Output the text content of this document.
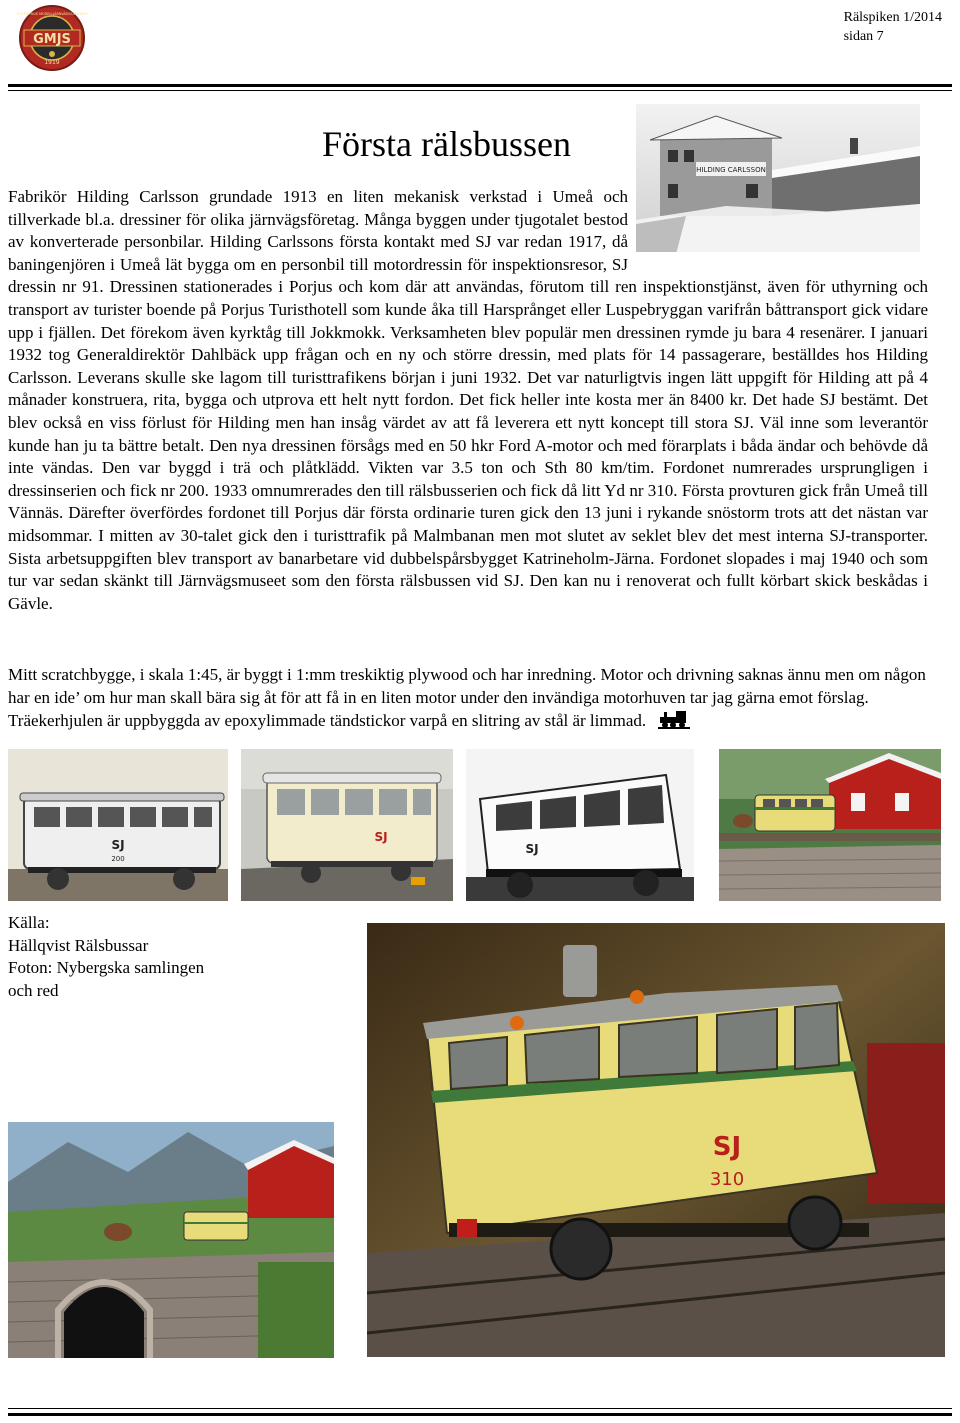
GMJS
1919
GÖTEBORGS MODELLJÄRNVÄGSSÄLLSKAP	Rälspiken 1/2014
sidan 7
Första rälsbussen
HILDING CARLSSON

Fabrikör Hilding Carlsson grundade 1913 en liten mekanisk verkstad i Umeå och tillverkade bl.a. dressiner för olika järnvägsföretag. Många byggen under tjugotalet bestod av konverterade personbilar. Hilding Carlssons första kontakt med SJ var redan 1917, då baningenjören i Umeå lät bygga om en personbil till motordressin för inspektionsresor, SJ dressin nr 91. Dressinen stationerades i Porjus och kom där att användas, förutom till ren inspektionstjänst, även för uthyrning och transport av turister boende på Porjus Turisthotell som kunde åka till Harsprånget eller Luspebryggan varifrån båttransport gick vidare upp i fjällen. Det förekom även kyrktåg till Jokkmokk. Verksamheten blev populär men dressinen rymde ju bara 4 resenärer. I januari 1932 tog Generaldirektör Dahlbäck upp frågan och en ny och större dressin, med plats för 14 passagerare, beställdes hos Hilding Carlsson. Leverans skulle ske lagom till turisttrafikens början i juni 1932. Det var naturligtvis ingen lätt uppgift för Hilding att på 4 månader konstruera, rita, bygga och utprova ett helt nytt fordon. Det fick heller inte kosta mer än 8400 kr. Det hade SJ bestämt. Det blev också en viss förlust för Hilding men han insåg värdet av att få leverera ett nytt koncept till stora SJ. Väl inne som leverantör kunde han ju ta bättre betalt. Den nya dressinen försågs med en 50 hkr Ford A-motor och med förarplats i båda ändar och behövde då inte vändas. Den var byggd i trä och plåtklädd. Vikten var 3.5 ton och Sth 80 km/tim. Fordonet numrerades ursprungligen i dressinserien och fick nr 200. 1933 omnumrerades den till rälsbusserien och fick då litt Yd nr 310. Första provturen gick från Umeå till Vännäs. Därefter överfördes fordonet till Porjus där första ordinarie turen gick den 13 juni i rykande snöstorm trots att det nästan var midsommar. I mitten av 30-talet gick den i turisttrafik på Malmbanan men mot slutet av seklet blev det mest interna SJ-transporter. Sista arbetsuppgiften blev transport av banarbetare vid dubbelspårsbygget Katrineholm-Järna. Fordonet slopades i maj 1940 och som tur var sedan skänkt till Järnvägsmuseet som den första rälsbussen vid SJ. Den kan nu i renoverat och fullt körbart skick beskådas i Gävle.

Mitt scratchbygge, i skala 1:45, är byggt i 1:mm treskiktig plywood och har inredning. Motor och drivning saknas ännu men om någon har en ide’ om hur man skall bära sig åt för att få in en liten motor under den invändiga motorhuven tar jag gärna emot förslag. Träekerhjulen är uppbyggda av epoxylimmade tändstickor varpå en slitring av stål är limmad.

SJ
200
SJ
SJ
Källa:
Hällqvist Rälsbussar
Foton: Nybergska samlingen
och red
SJ
310
